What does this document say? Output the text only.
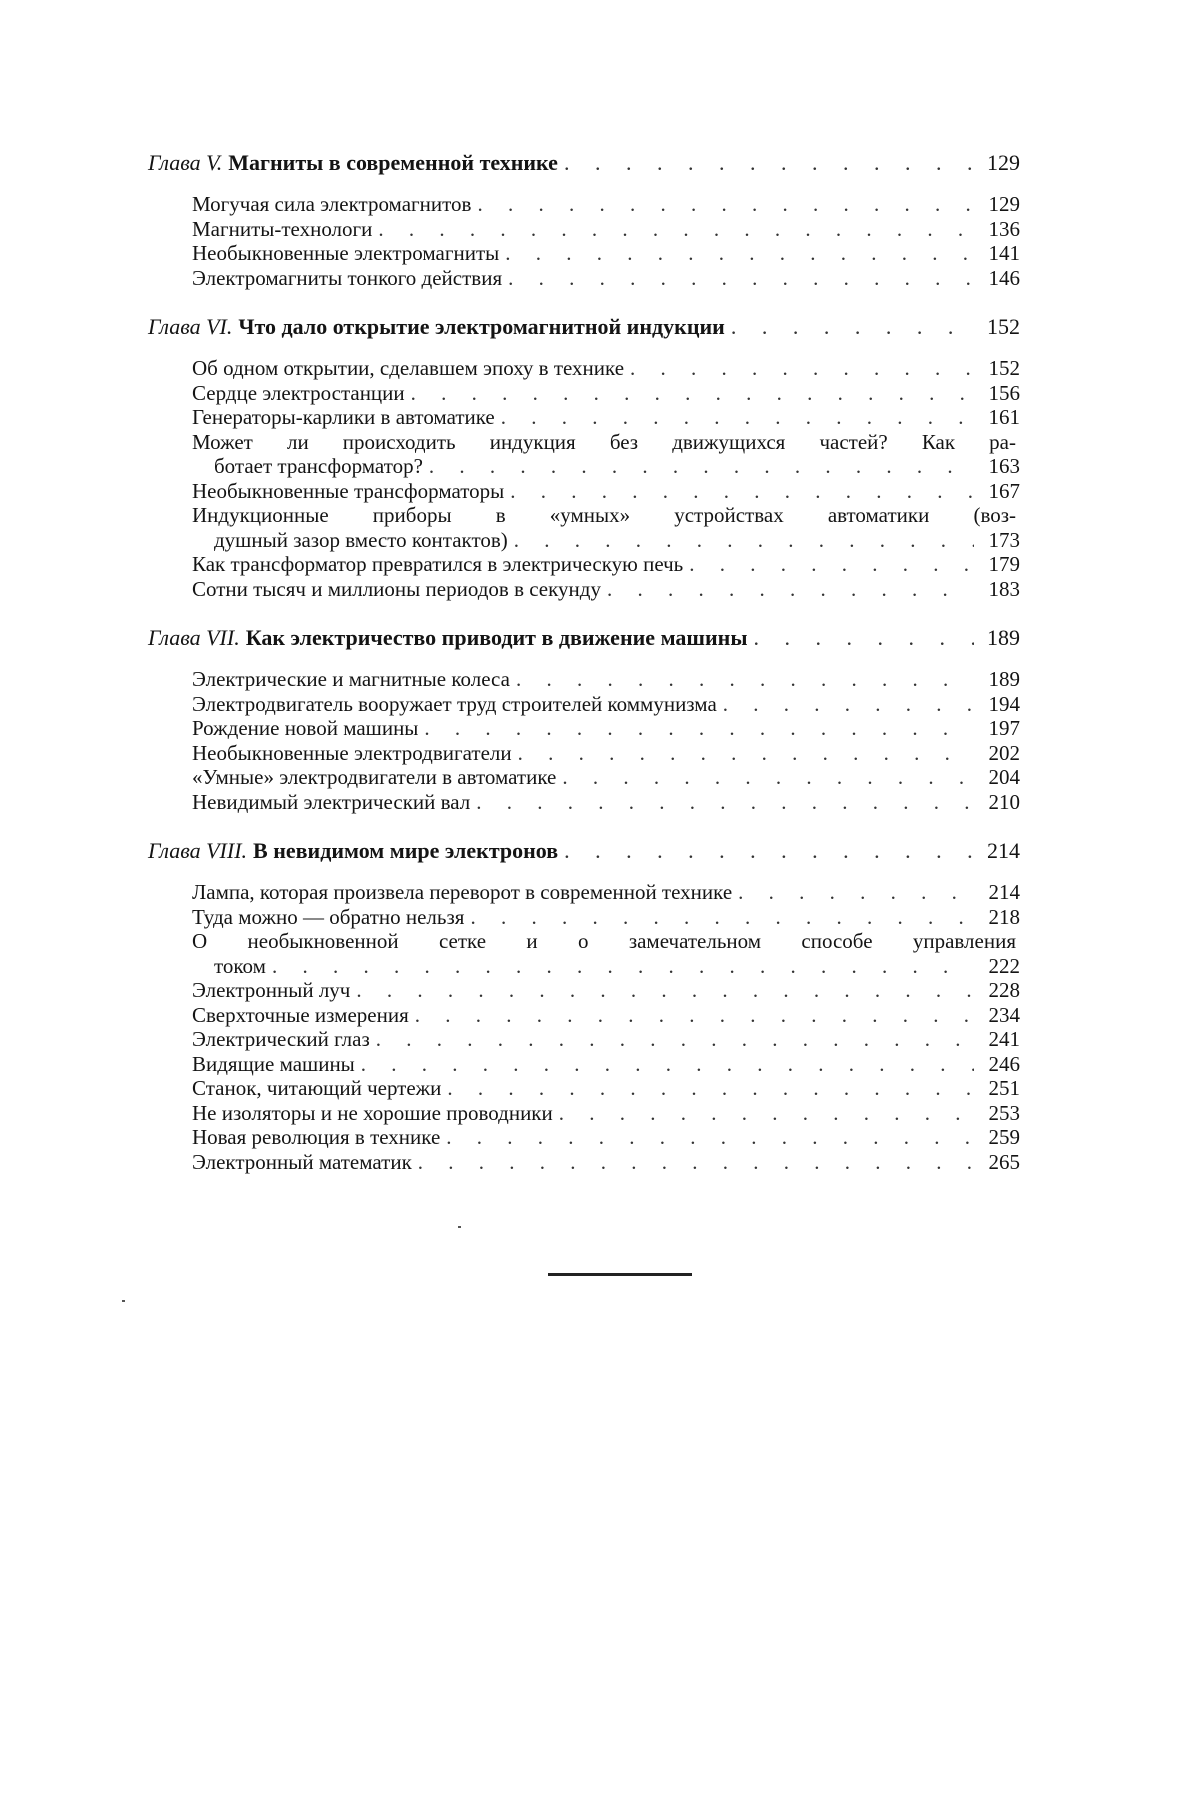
Глава V. Магниты в современной технике . . .	129
Могучая сила электромагнитов . . .	129
Магниты-технологи . . .	136
Необыкновенные электромагниты . . .	141
Электромагниты тонкого действия . . .	146
Глава VI. Что дало открытие электромагнитной индукции . . .	152
Об одном открытии, сделавшем эпоху в технике . . .	152
Сердце электростанции . . .	156
Генераторы-карлики в автоматике . . .	161
Может ли происходить индукция без движущихся частей? Как ра-
ботает трансформатор? . . .	163
Необыкновенные трансформаторы . . .	167
Индукционные приборы в «умных» устройствах автоматики (воз-
душный зазор вместо контактов) . . .	173
Как трансформатор превратился в электрическую печь . . .	179
Сотни тысяч и миллионы периодов в секунду . . .	183
Глава VII. Как электричество приводит в движение машины . . .	189
Электрические и магнитные колеса . . .	189
Электродвигатель вооружает труд строителей коммунизма . . .	194
Рождение новой машины . . .	197
Необыкновенные электродвигатели . . .	202
«Умные» электродвигатели в автоматике . . .	204
Невидимый электрический вал . . .	210
Глава VIII. В невидимом мире электронов . . .	214
Лампа, которая произвела переворот в современной технике . . .	214
Туда можно — обратно нельзя . . .	218
О необыкновенной сетке и о замечательном способе управления
током . . .	222
Электронный луч . . .	228
Сверхточные измерения . . .	234
Электрический глаз . . .	241
Видящие машины . . .	246
Станок, читающий чертежи . . .	251
Не изоляторы и не хорошие проводники . . .	253
Новая революция в технике . . .	259
Электронный математик . . .	265
